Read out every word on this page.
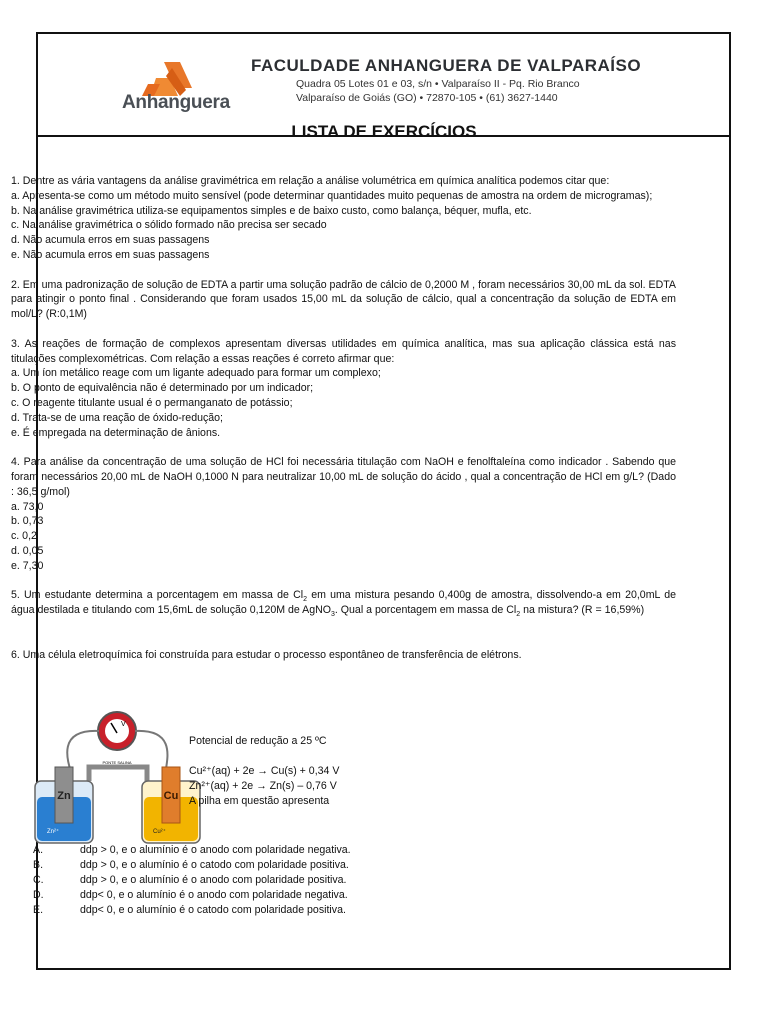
Anhanguera
FACULDADE ANHANGUERA DE VALPARAÍSO
Quadra 05 Lotes 01 e 03, s/n • Valparaíso II - Pq. Rio Branco
Valparaíso de Goiás (GO) • 72870-105 • (61) 3627-1440
LISTA DE EXERCÍCIOS

1. Dentre as vária vantagens da análise gravimétrica em relação a análise volumétrica em química analítica podemos citar que:

a. Apresenta-se como um método muito sensível (pode determinar quantidades muito pequenas de amostra na ordem de microgramas);

b. Na análise gravimétrica utiliza-se equipamentos simples e de baixo custo, como balança, béquer, mufla, etc.

c. Na análise gravimétrica o sólido formado não precisa ser secado

d. Não acumula erros em suas passagens

e. Não acumula erros em suas passagens

2. Em uma padronização de solução de EDTA a partir uma solução padrão de cálcio de 0,2000 M , foram necessários 30,00 mL da sol. EDTA para atingir o ponto final . Considerando que foram usados 15,00 mL da solução de cálcio, qual a concentração da solução de EDTA em mol/L? (R:0,1M)

3. As reações de formação de complexos apresentam diversas utilidades em química analítica, mas sua aplicação clássica está nas titulações complexométricas. Com relação a essas reações é correto afirmar que:

a. Um íon metálico reage com um ligante adequado para formar um complexo;

b. O ponto de equivalência não é determinado por um indicador;

c. O reagente titulante usual é o permanganato de potássio;

d. Trata-se de uma reação de óxido-redução;

e. É empregada na determinação de ânions.

4. Para análise da concentração de uma solução de HCl foi necessária titulação com NaOH e fenolftaleína como indicador . Sabendo que foram necessários 20,00 mL de NaOH 0,1000 N para neutralizar 10,00 mL de solução do ácido , qual a concentração de HCl em g/L? (Dado : 36,5 g/mol)

a. 73,0

b. 0,73

c. 0,2

d. 0,05

e. 7,30

5. Um estudante determina a porcentagem em massa de $Cl_2$ em uma mistura pesando 0,400g de amostra, dissolvendo-a em 20,0mL de água destilada e titulando com 15,6mL de solução 0,120M de AgNO$_3$. Qual a porcentagem em massa de $Cl_2$ na mistura? (R = 16,59%)

6. Uma célula eletroquímica foi construída para estudar o processo espontâneo de transferência de elétrons.

V
PONTE SALINA
Zn
Zn²⁺
Cu
Cu²⁺
Potencial de redução a 25 ºC
Cu²⁺(aq) + 2e → Cu(s) + 0,34 V
Zn²⁺(aq) + 2e → Zn(s) – 0,76 V
A pilha em questão apresenta
A.	ddp > 0, e o alumínio é o anodo com polaridade negativa.
B.	ddp > 0, e o alumínio é o catodo com polaridade positiva.
C.	ddp > 0, e o alumínio é o anodo com polaridade positiva.
D.	ddp< 0, e o alumínio é o anodo com polaridade negativa.
E.	ddp< 0, e o alumínio é o catodo com polaridade positiva.
